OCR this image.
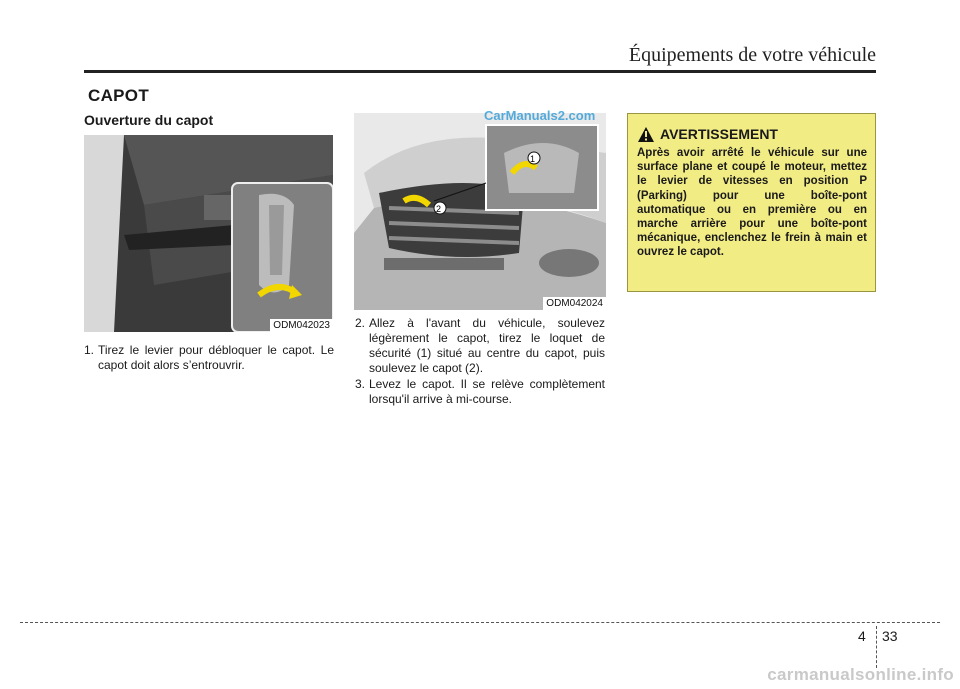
Équipements de votre véhicule
CAPOT
Ouverture du capot
ODM042023
1
2
ODM042024
CarManuals2.com
1. Tirez le levier pour débloquer le capot. Le capot doit alors s’entrouvrir.
2. Allez à l'avant du véhicule, soulevez légèrement le capot, tirez le loquet de sécurité (1) situé au centre du capot, puis soulevez le capot (2).
3. Levez le capot. Il se relève complètement lorsqu'il arrive à mi-course.
AVERTISSEMENT
Après avoir arrêté le véhicule sur une surface plane et coupé le moteur, mettez le levier de vitesses en position P (Parking) pour une boîte-pont automatique ou en première ou en marche arrière pour une boîte-pont mécanique, enclenchez le frein à main et ouvrez le capot.
4 33
carmanualsonline.info
